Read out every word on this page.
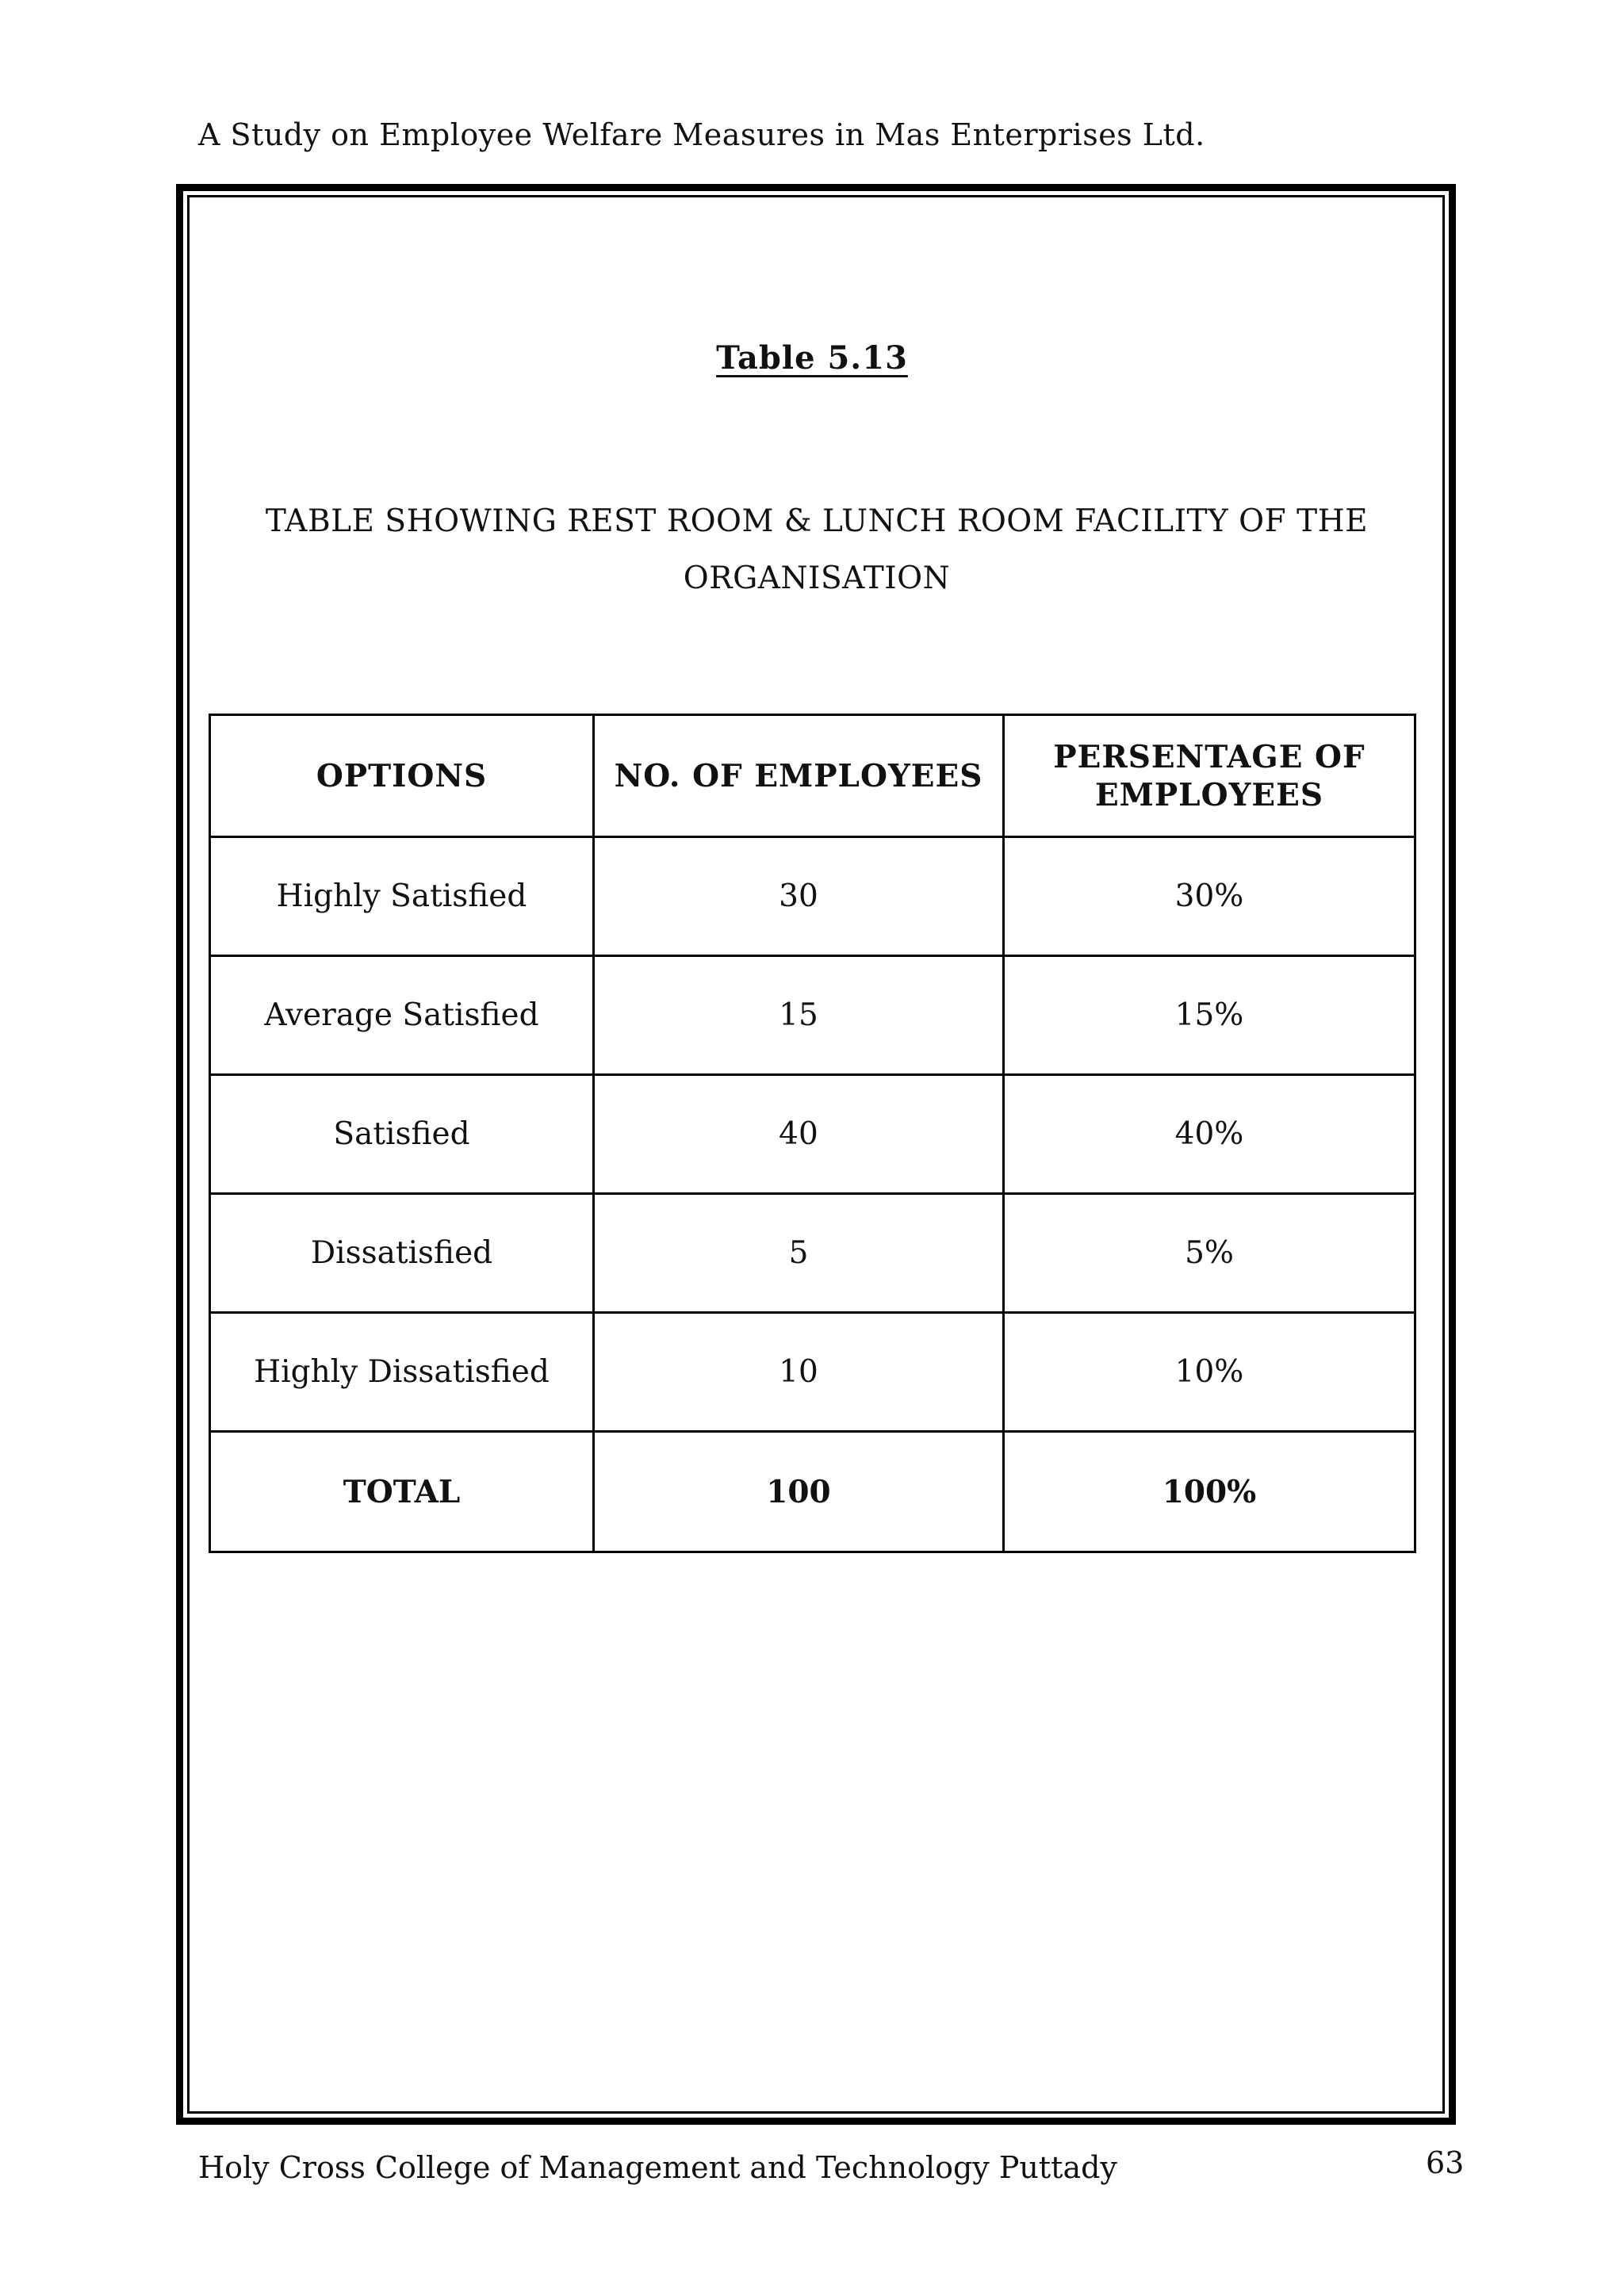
A Study on Employee Welfare Measures in Mas Enterprises Ltd.
Table 5.13
TABLE SHOWING REST ROOM & LUNCH ROOM FACILITY OF THE ORGANISATION
OPTIONS	NO. OF EMPLOYEES	PERSENTAGE OF EMPLOYEES
Highly Satisfied	30	30%
Average Satisfied	15	15%
Satisfied	40	40%
Dissatisfied	5	5%
Highly Dissatisfied	10	10%
TOTAL	100	100%
Holy Cross College of Management and Technology Puttady	63
